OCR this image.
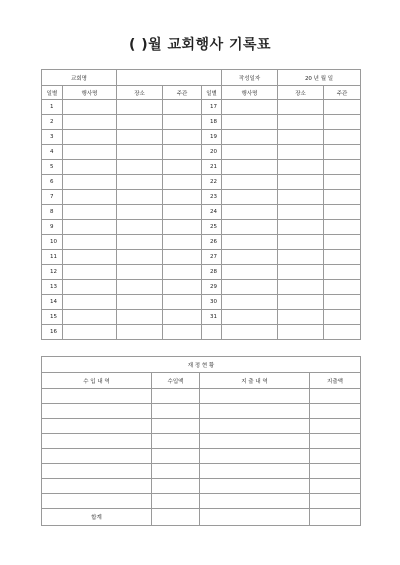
( )월 교회행사 기록표
교회명					작성일자	20 년 월 일	
일별	행사명	장소	주관	일별	행사명	장소	주관
1				17			
2				18			
3				19			
4				20			
5				21			
6				22			
7				23			
8				24			
9				25			
10				26			
11				27			
12				28			
13				29			
14				30			
15				31			
16							
재 정 현 황			
수 입 내 역	수입액	지 출 내 역	지출액

합계			
